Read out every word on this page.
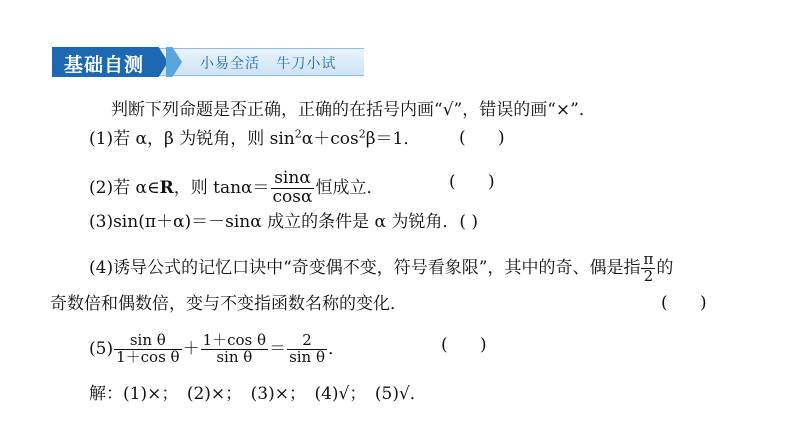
基础自测	小易全活   牛刀小试
判断下列命题是否正确，正确的在括号内画“√”，错误的画“×”．
(1)若 α，β 为锐角，则 $\sin^2\alpha+\cos^2\beta=1$． (      )
(2)若 α∈R，则 $\tan\alpha= \frac{\sin\alpha}{\cos\alpha}$ 恒成立．	(      )
(3)sin(π＋α)＝－sinα 成立的条件是 α 为锐角．( )
(4)诱导公式的记忆口诀中“奇变偶不变，符号看象限”，其中的奇、偶是指 $\frac{\pi}{2}$ 的
奇数倍和偶数倍，变与不变指函数名称的变化．	(      )
$(5) \frac{\text{sin θ}}{\text{1＋cos θ}} + \frac{\text{1＋cos θ}}{\text{sin θ}} = \frac{2}{\text{sin θ}}$ ．	(      )
解：(1)×；　(2)×；　(3)×；　(4)√；　(5)√．
